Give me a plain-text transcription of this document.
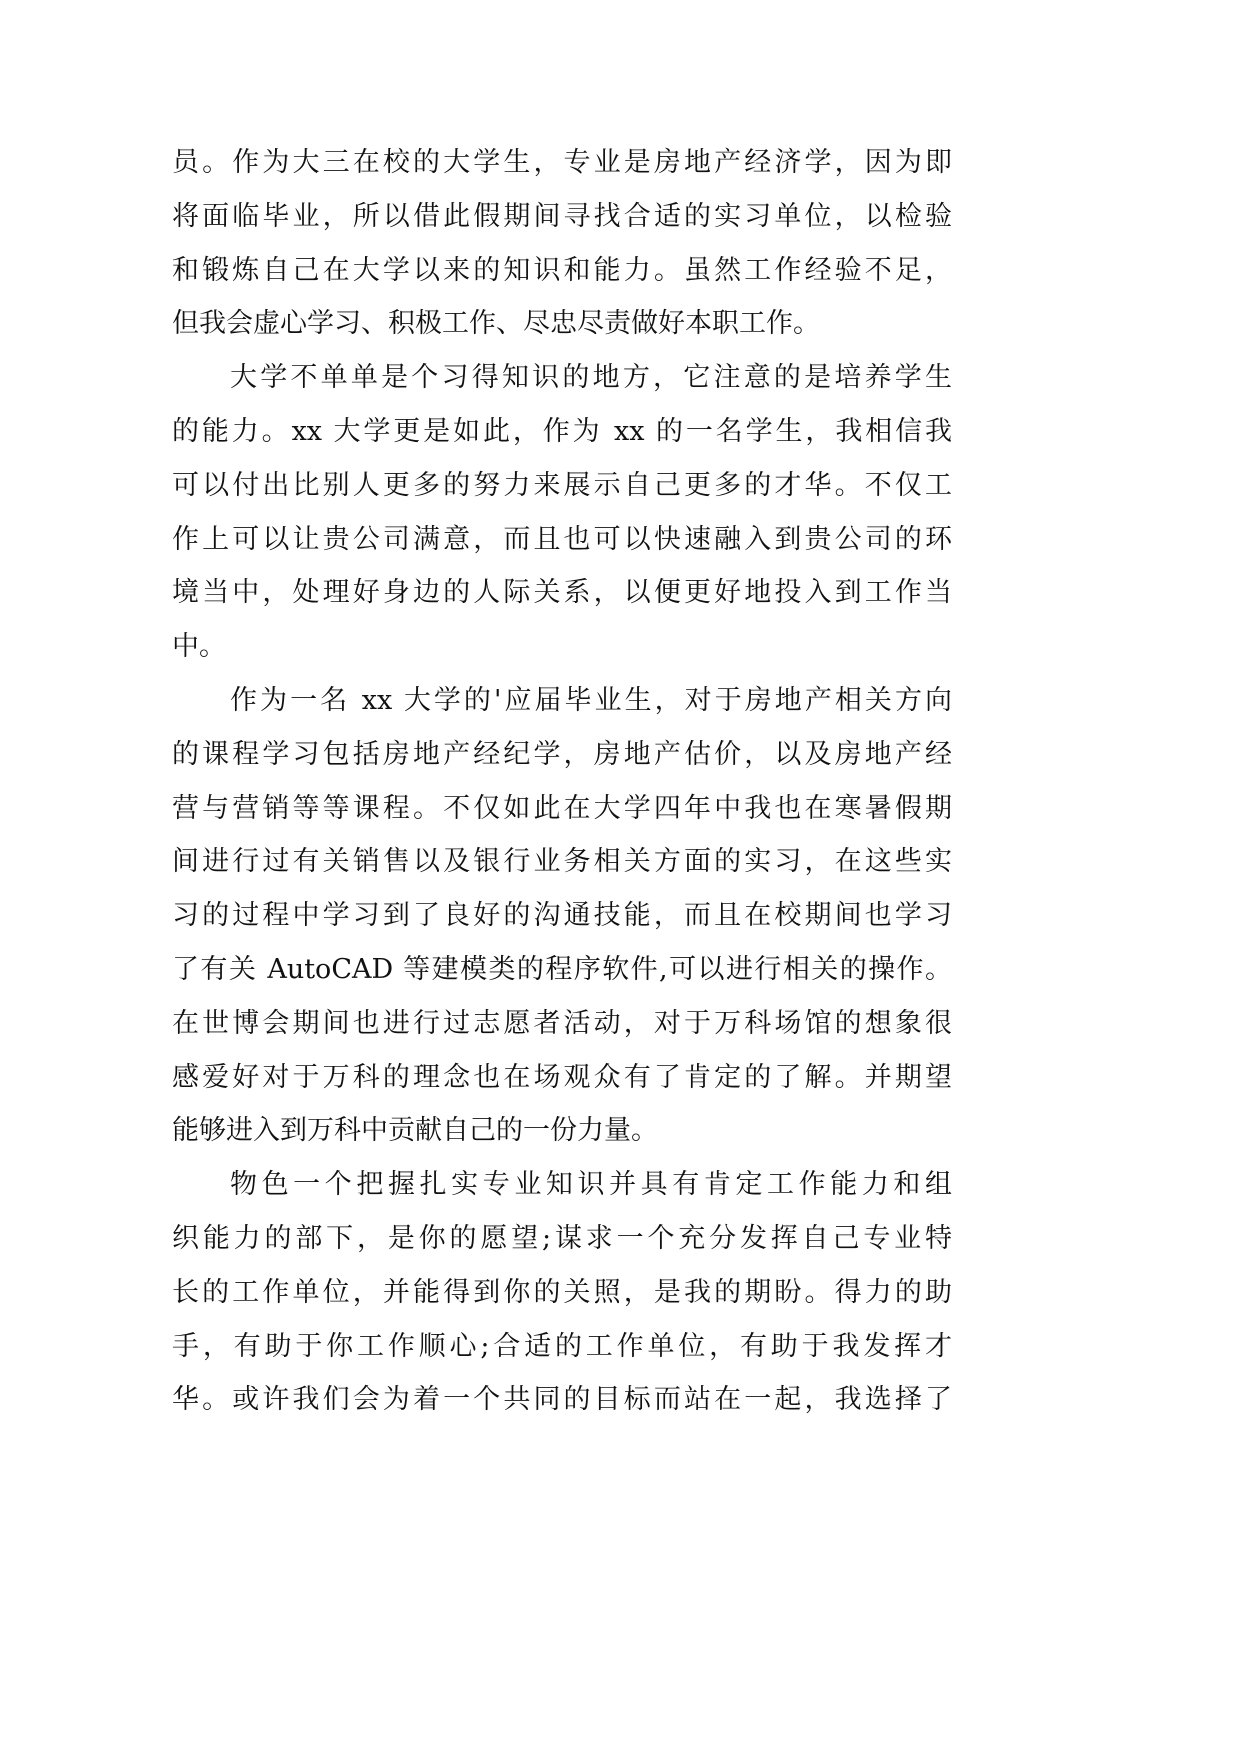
员。作为大三在校的大学生，专业是房地产经济学，因为即
将面临毕业，所以借此假期间寻找合适的实习单位，以检验
和锻炼自己在大学以来的知识和能力。虽然工作经验不足，
但我会虚心学习、积极工作、尽忠尽责做好本职工作。
大学不单单是个习得知识的地方，它注意的是培养学生
的能力。xx 大学更是如此，作为 xx 的一名学生，我相信我
可以付出比别人更多的努力来展示自己更多的才华。不仅工
作上可以让贵公司满意，而且也可以快速融入到贵公司的环
境当中，处理好身边的人际关系，以便更好地投入到工作当
中。
作为一名 xx 大学的'应届毕业生，对于房地产相关方向
的课程学习包括房地产经纪学，房地产估价，以及房地产经
营与营销等等课程。不仅如此在大学四年中我也在寒暑假期
间进行过有关销售以及银行业务相关方面的实习，在这些实
习的过程中学习到了良好的沟通技能，而且在校期间也学习
了有关 AutoCAD 等建模类的程序软件,可以进行相关的操作。
在世博会期间也进行过志愿者活动，对于万科场馆的想象很
感爱好对于万科的理念也在场观众有了肯定的了解。并期望
能够进入到万科中贡献自己的一份力量。
物色一个把握扎实专业知识并具有肯定工作能力和组
织能力的部下，是你的愿望;谋求一个充分发挥自己专业特
长的工作单位，并能得到你的关照，是我的期盼。得力的助
手，有助于你工作顺心;合适的工作单位，有助于我发挥才
华。或许我们会为着一个共同的目标而站在一起，我选择了
